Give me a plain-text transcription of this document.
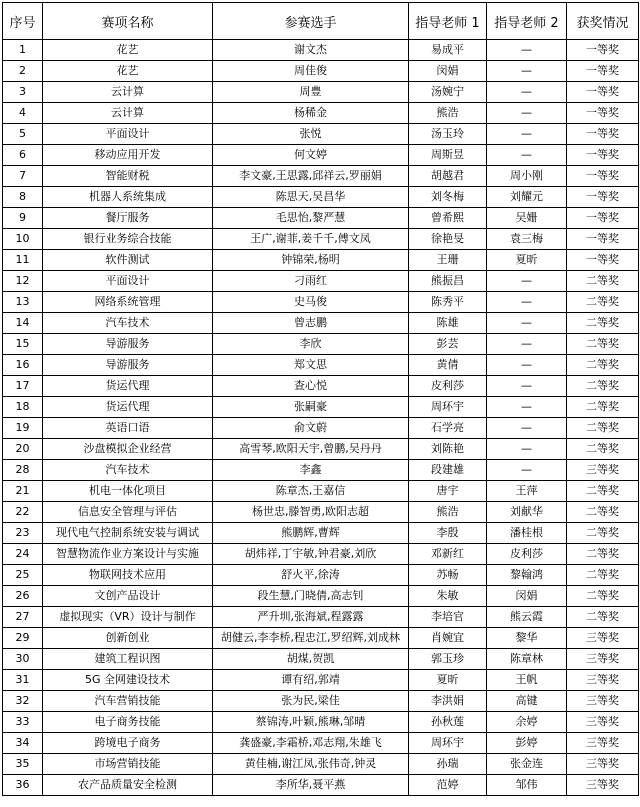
序号	赛项名称	参赛选手	指导老师 1	指导老师 2	获奖情况
1	花艺	谢文杰	易成平	—	一等奖
2	花艺	周佳俊	闵娟	—	一等奖
3	云计算	周豊	汤婉宁	—	一等奖
4	云计算	杨稀金	熊浩	—	一等奖
5	平面设计	张悦	汤玉玲	—	一等奖
6	移动应用开发	何文婷	周斯昱	—	一等奖
7	智能财税	李文豪,王思露,邱祥云,罗丽娟	胡越君	周小刚	一等奖
8	机器人系统集成	陈思天,吴昌华	刘冬梅	刘耀元	一等奖
9	餐厅服务	毛思怡,黎严慧	曾希熙	吴姗	一等奖
10	银行业务综合技能	王广,谢菲,姜千千,傅文凤	徐艳旻	袁三梅	一等奖
11	软件测试	钟锦荣,杨明	王珊	夏昕	一等奖
12	平面设计	刁雨红	熊振昌	—	二等奖
13	网络系统管理	史马俊	陈秀平	—	二等奖
14	汽车技术	曾志鹏	陈雄	—	二等奖
15	导游服务	李欣	彭芸	—	二等奖
16	导游服务	郑文思	黄倩	—	二等奖
17	货运代理	查心悦	皮利莎	—	二等奖
18	货运代理	张嗣豪	周环宇	—	二等奖
19	英语口语	俞文蔚	石学亮	—	二等奖
20	沙盘模拟企业经营	高雪琴,欧阳天宇,曾鹏,吴丹丹	刘陈艳	—	二等奖
28	汽车技术	李鑫	段建雄	—	三等奖
21	机电一体化项目	陈章杰,王嘉信	唐宇	王萍	二等奖
22	信息安全管理与评估	杨世忠,滕智勇,欧阳志超	熊浩	刘献华	二等奖
23	现代电气控制系统安装与调试	熊鹏辉,曹辉	李殷	潘桂根	二等奖
24	智慧物流作业方案设计与实施	胡炜祥,丁宇敏,钟君豪,刘欣	邓新红	皮利莎	二等奖
25	物联网技术应用	舒火平,徐涛	苏畅	黎翰鸿	二等奖
26	文创产品设计	段生慧,门晓倩,高志钊	朱敏	闵娟	二等奖
27	虚拟现实（VR）设计与制作	严升圳,张海斌,程露露	李培官	熊云霞	二等奖
29	创新创业	胡健云,李李桥,程忠江,罗绍辉,刘成林	肖婉宜	黎华	三等奖
30	建筑工程识图	胡煤,贺凯	郭玉珍	陈章林	三等奖
31	5G 全网建设技术	谭有绍,郭靖	夏昕	王帆	三等奖
32	汽车营销技能	张为民,梁佳	李洪娟	高键	三等奖
33	电子商务技能	蔡锦涛,叶颖,熊琳,邹晴	孙秋莲	余婷	三等奖
34	跨境电子商务	龚盛豪,李霜桥,邓志翔,朱雄飞	周环宇	彭婷	三等奖
35	市场营销技能	黄佳楠,谢江凤,张伟奇,钟灵	孙瑞	张金连	三等奖
36	农产品质量安全检测	李所华,聂平燕	范婷	邹伟	三等奖
